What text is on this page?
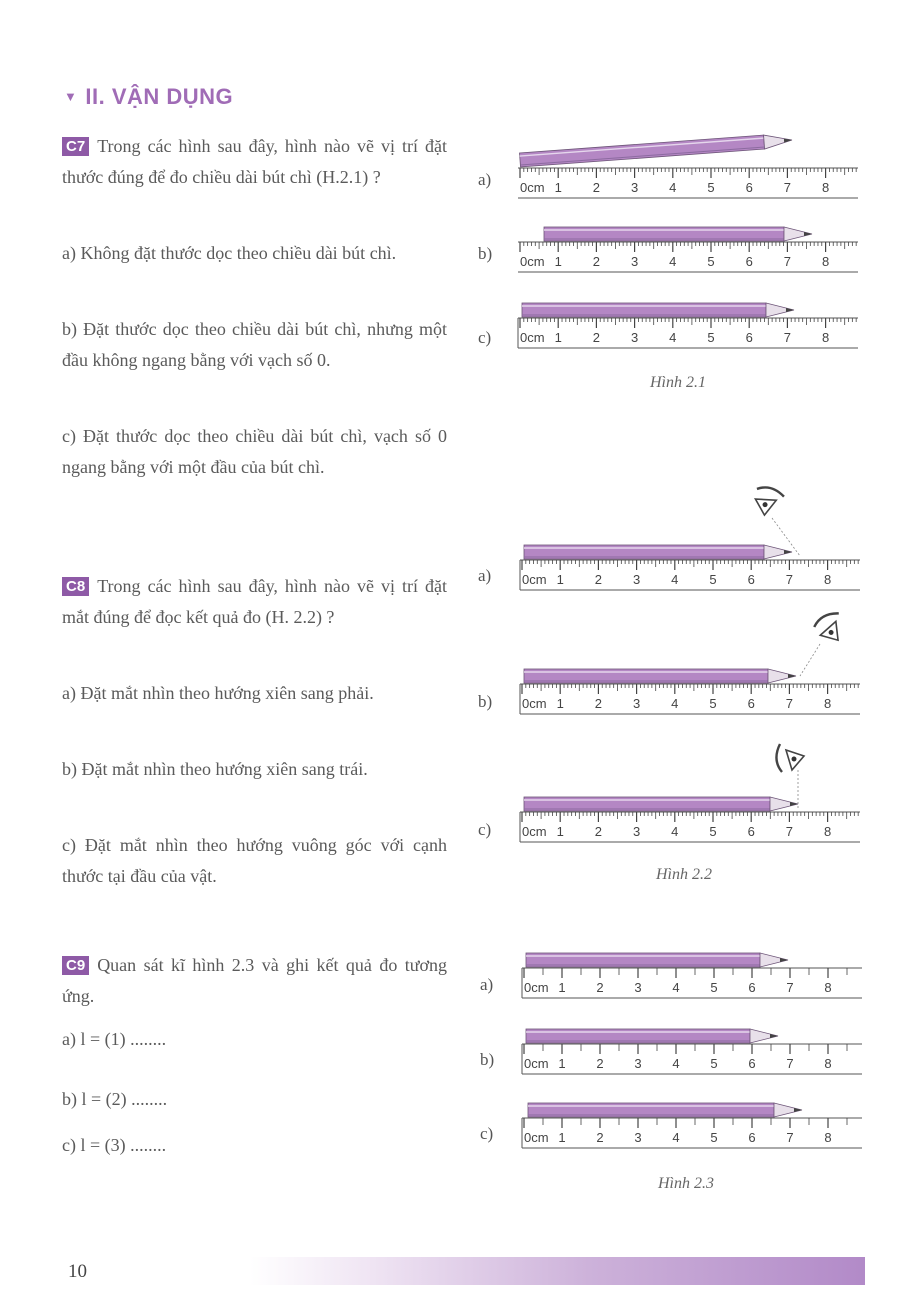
▼ II. VẬN DỤNG
C7 Trong các hình sau đây, hình nào vẽ vị trí đặt thước đúng để đo chiều dài bút chì (H.2.1) ?
a) Không đặt thước dọc theo chiều dài bút chì.
b) Đặt thước dọc theo chiều dài bút chì, nhưng một đầu không ngang bằng với vạch số 0.
c) Đặt thước dọc theo chiều dài bút chì, vạch số 0 ngang bằng với một đầu của bút chì.
C8 Trong các hình sau đây, hình nào vẽ vị trí đặt mắt đúng để đọc kết quả đo (H. 2.2) ?
a) Đặt mắt nhìn theo hướng xiên sang phải.
b) Đặt mắt nhìn theo hướng xiên sang trái.
c) Đặt mắt nhìn theo hướng vuông góc với cạnh thước tại đầu của vật.
C9 Quan sát kĩ hình 2.3 và ghi kết quả đo tương ứng.
a) l = (1) ........
b) l = (2) ........
c) l = (3) ........
a)
b)
c)
a)
b)
c)
a)
b)
c)
Hình 2.1
Hình 2.2
Hình 2.3
0cm 1 2 3 4 5 6 7 8
0cm 1 2 3 4 5 6 7 8
0cm 1 2 3 4 5 6 7 8
0cm 1 2 3 4 5 6 7 8
0cm 1 2 3 4 5 6 7 8
0cm 1 2 3 4 5 6 7 8
0cm 1 2 3 4 5 6 7 8
0cm 1 2 3 4 5 6 7 8
0cm 1 2 3 4 5 6 7 8
10
